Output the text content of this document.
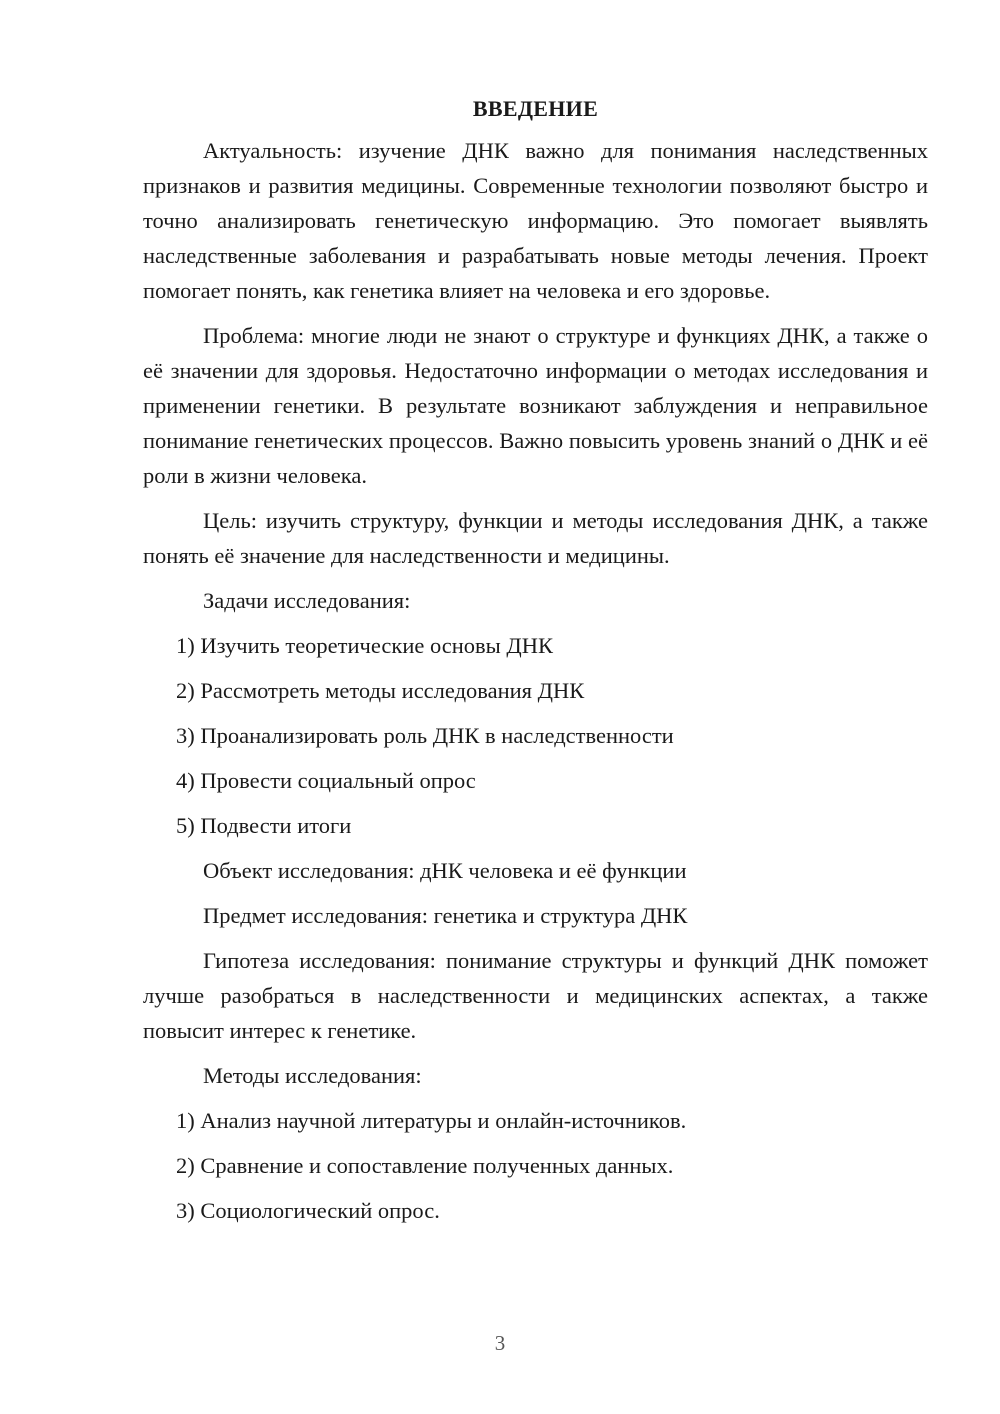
ВВЕДЕНИЕ

Актуальность: изучение ДНК важно для понимания наследственных признаков и развития медицины. Современные технологии позволяют быстро и точно анализировать генетическую информацию. Это помогает выявлять наследственные заболевания и разрабатывать новые методы лечения. Проект помогает понять, как генетика влияет на человека и его здоровье.

Проблема: многие люди не знают о структуре и функциях ДНК, а также о её значении для здоровья. Недостаточно информации о методах исследования и применении генетики. В результате возникают заблуждения и неправильное понимание генетических процессов. Важно повысить уровень знаний о ДНК и её роли в жизни человека.

Цель: изучить структуру, функции и методы исследования ДНК, а также понять её значение для наследственности и медицины.

Задачи исследования:

1) Изучить теоретические основы ДНК

2) Рассмотреть методы исследования ДНК

3) Проанализировать роль ДНК в наследственности

4) Провести социальный опрос

5) Подвести итоги

Объект исследования: дНК человека и её функции

Предмет исследования: генетика и структура ДНК

Гипотеза исследования: понимание структуры и функций ДНК поможет лучше разобраться в наследственности и медицинских аспектах, а также повысит интерес к генетике.

Методы исследования:

1) Анализ научной литературы и онлайн-источников.

2) Сравнение и сопоставление полученных данных.

3) Социологический опрос.

3
